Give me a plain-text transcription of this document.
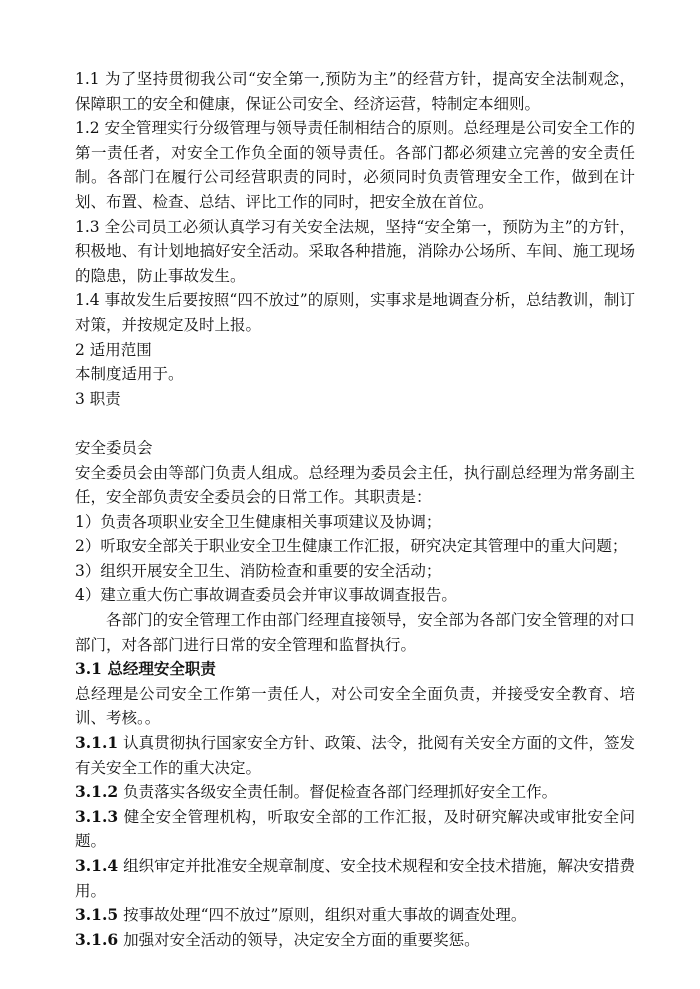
1.1 为了坚持贯彻我公司“安全第一,预防为主”的经营方针，提高安全法制观念，保障职工的安全和健康，保证公司安全、经济运营，特制定本细则。

1.2 安全管理实行分级管理与领导责任制相结合的原则。总经理是公司安全工作的第一责任者，对安全工作负全面的领导责任。各部门都必须建立完善的安全责任制。各部门在履行公司经营职责的同时，必须同时负责管理安全工作，做到在计划、布置、检查、总结、评比工作的同时，把安全放在首位。

1.3 全公司员工必须认真学习有关安全法规，坚持“安全第一，预防为主”的方针，积极地、有计划地搞好安全活动。采取各种措施，消除办公场所、车间、施工现场的隐患，防止事故发生。

1.4 事故发生后要按照“四不放过”的原则，实事求是地调查分析，总结教训，制订对策，并按规定及时上报。

2 适用范围

本制度适用于。

3 职责

安全委员会

安全委员会由等部门负责人组成。总经理为委员会主任，执行副总经理为常务副主任，安全部负责安全委员会的日常工作。其职责是：

1）负责各项职业安全卫生健康相关事项建议及协调；

2）听取安全部关于职业安全卫生健康工作汇报，研究决定其管理中的重大问题；

3）组织开展安全卫生、消防检查和重要的安全活动；

4）建立重大伤亡事故调查委员会并审议事故调查报告。

各部门的安全管理工作由部门经理直接领导，安全部为各部门安全管理的对口部门，对各部门进行日常的安全管理和监督执行。

3.1 总经理安全职责

总经理是公司安全工作第一责任人，对公司安全全面负责，并接受安全教育、培训、考核。。

3.1.1 认真贯彻执行国家安全方针、政策、法令，批阅有关安全方面的文件，签发有关安全工作的重大决定。

3.1.2 负责落实各级安全责任制。督促检查各部门经理抓好安全工作。

3.1.3 健全安全管理机构，听取安全部的工作汇报，及时研究解决或审批安全问题。

3.1.4 组织审定并批准安全规章制度、安全技术规程和安全技术措施，解决安措费用。

3.1.5 按事故处理“四不放过”原则，组织对重大事故的调查处理。

3.1.6 加强对安全活动的领导，决定安全方面的重要奖惩。
